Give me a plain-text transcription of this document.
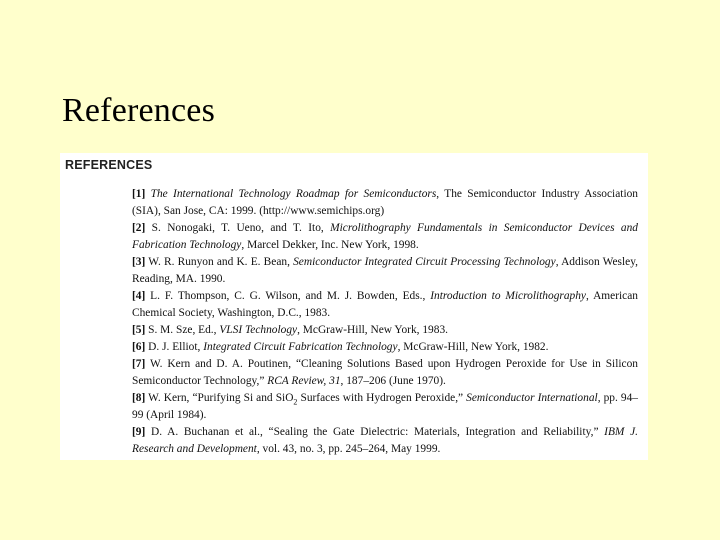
References
REFERENCES
[1] The International Technology Roadmap for Semiconductors, The Semiconductor Industry Association (SIA), San Jose, CA: 1999. (http://www.semichips.org)
[2] S. Nonogaki, T. Ueno, and T. Ito, Microlithography Fundamentals in Semiconductor Devices and Fabrication Technology, Marcel Dekker, Inc. New York, 1998.
[3] W. R. Runyon and K. E. Bean, Semiconductor Integrated Circuit Processing Technology, Addison Wesley, Reading, MA. 1990.
[4] L. F. Thompson, C. G. Wilson, and M. J. Bowden, Eds., Introduction to Microlithography, American Chemical Society, Washington, D.C., 1983.
[5] S. M. Sze, Ed., VLSI Technology, McGraw-Hill, New York, 1983.
[6] D. J. Elliot, Integrated Circuit Fabrication Technology, McGraw-Hill, New York, 1982.
[7] W. Kern and D. A. Poutinen, “Cleaning Solutions Based upon Hydrogen Peroxide for Use in Silicon Semiconductor Technology,” RCA Review, 31, 187–206 (June 1970).
[8] W. Kern, “Purifying Si and SiO$_2$ Surfaces with Hydrogen Peroxide,” Semiconductor International, pp. 94–99 (April 1984).
[9] D. A. Buchanan et al., “Sealing the Gate Dielectric: Materials, Integration and Reliability,” IBM J. Research and Development, vol. 43, no. 3, pp. 245–264, May 1999.
